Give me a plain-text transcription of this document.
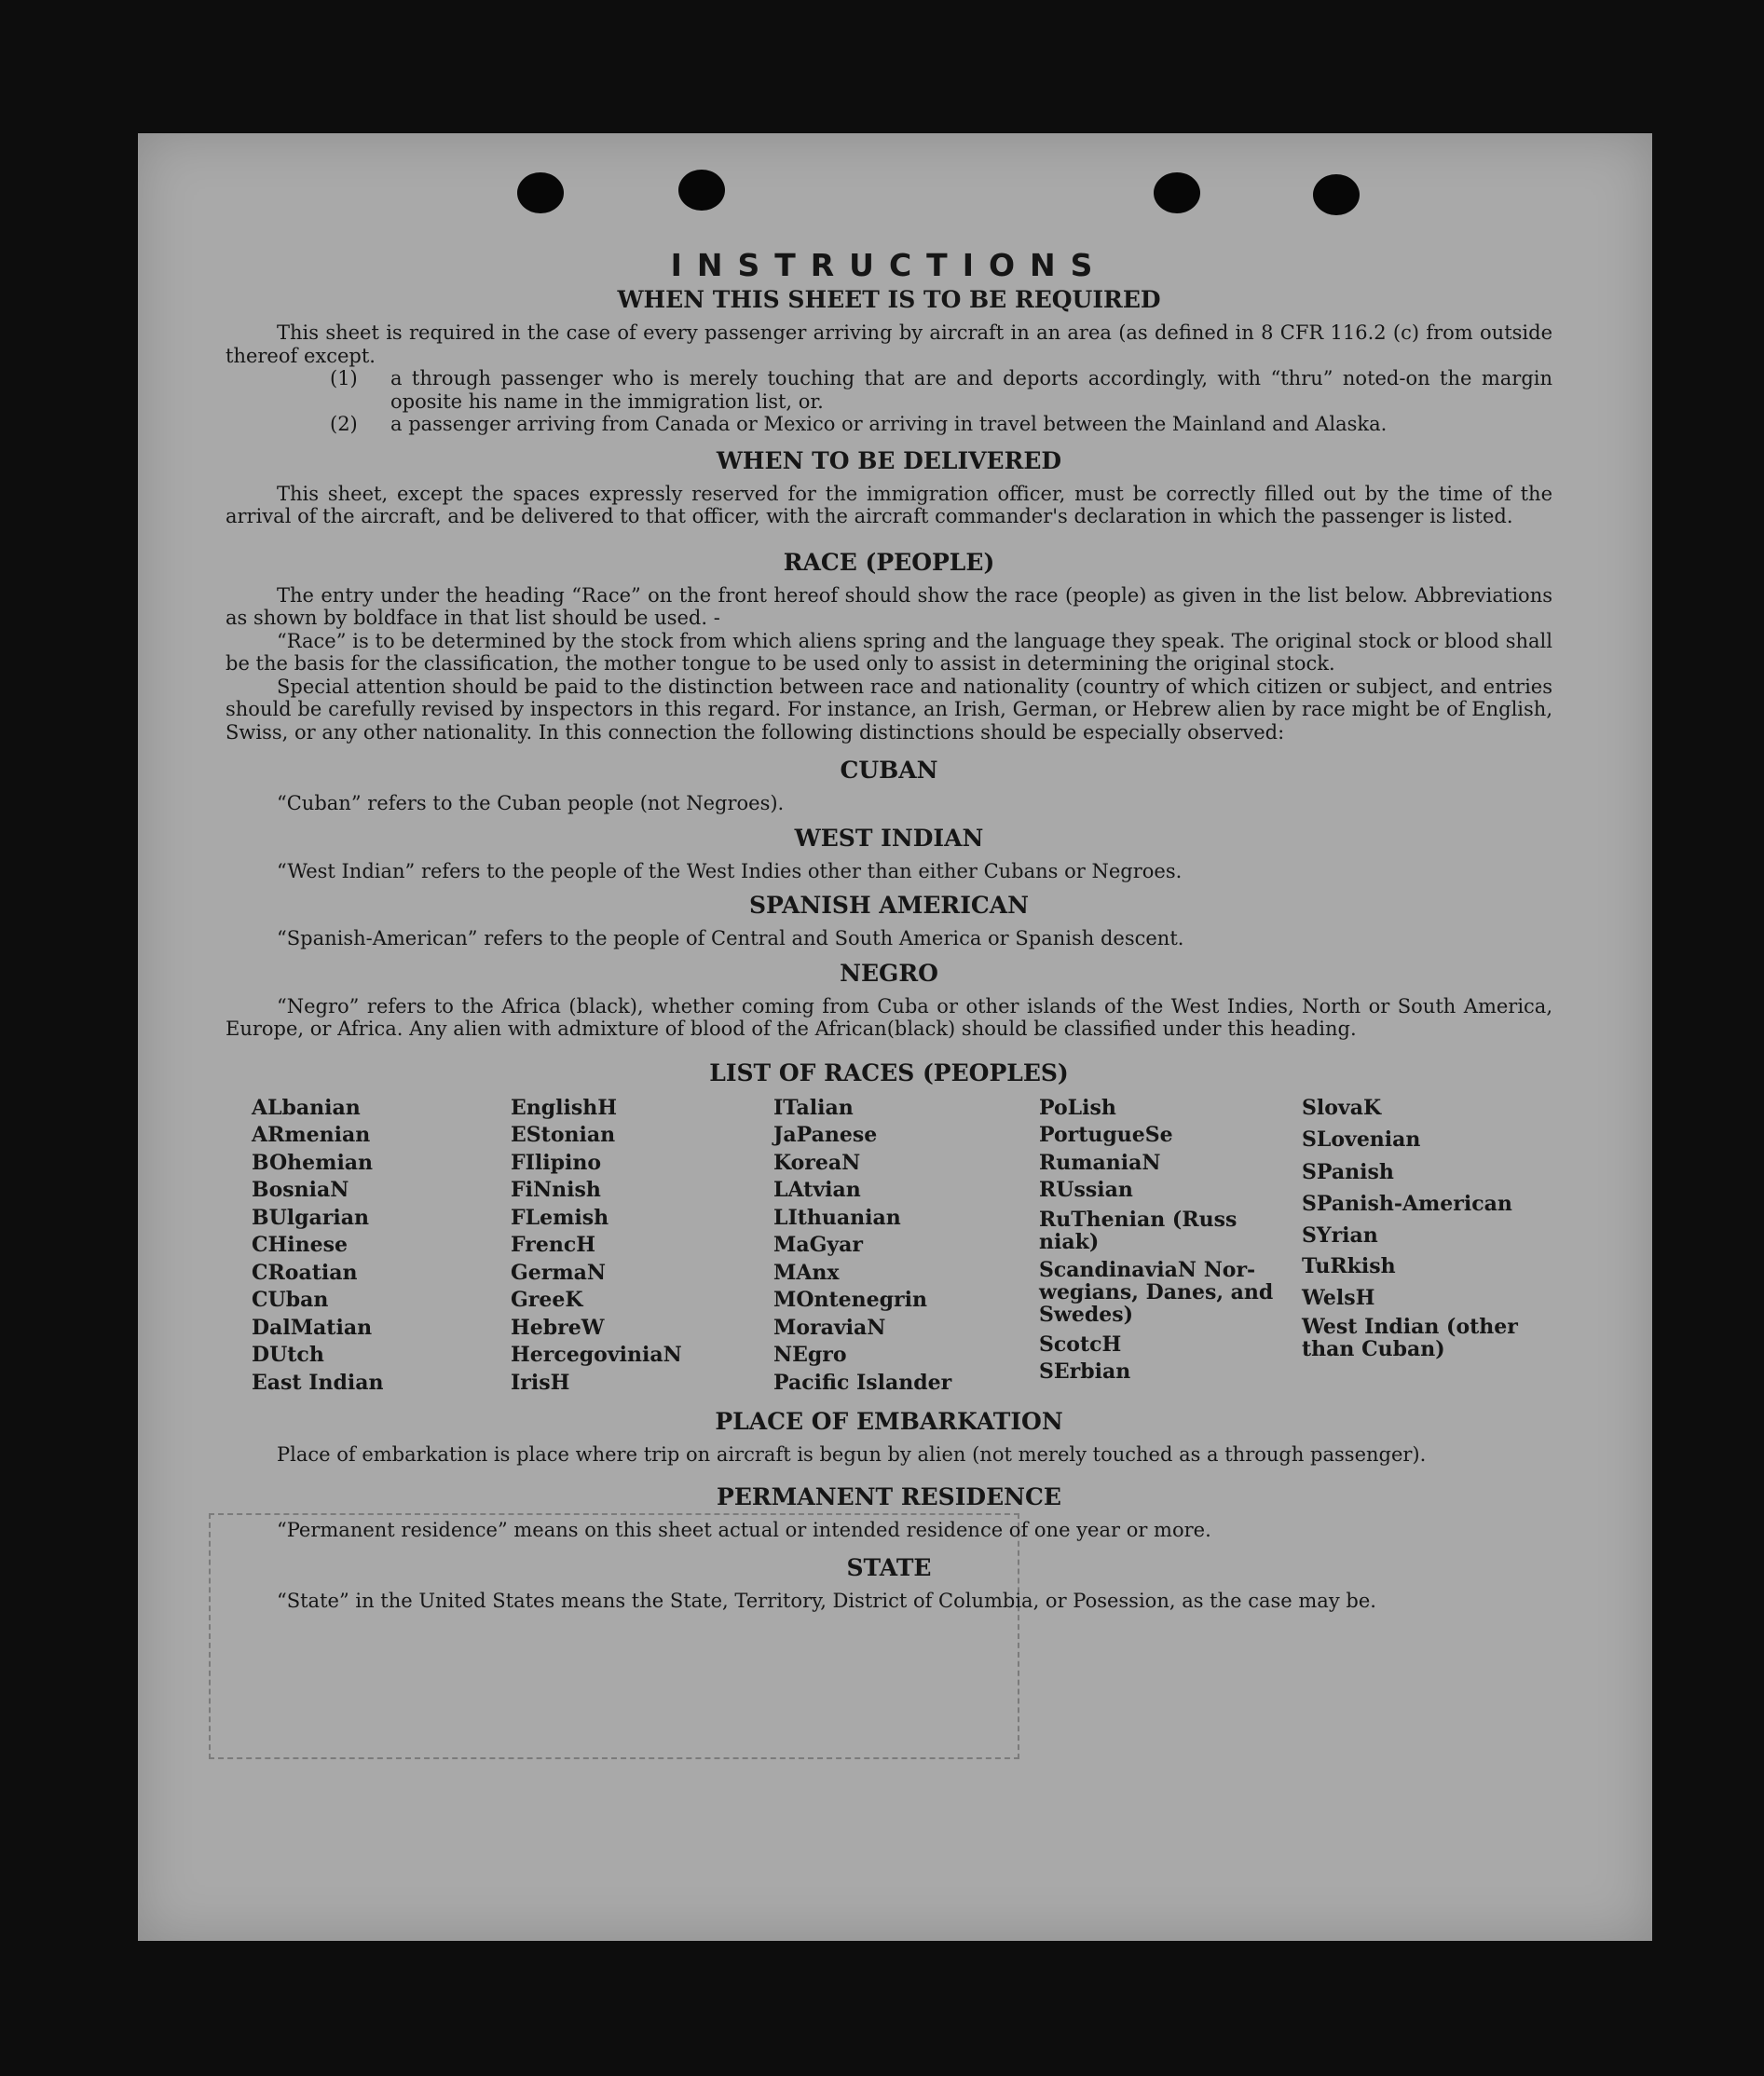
INSTRUCTIONS
WHEN THIS SHEET IS TO BE REQUIRED

This sheet is required in the case of every passenger arriving by aircraft in an area (as defined in 8 CFR 116.2 (c) from outside thereof except.

(1)	a through passenger who is merely touching that are and deports accordingly, with “thru” noted-on the margin oposite his name in the immigration list, or.
(2)	a passenger arriving from Canada or Mexico or arriving in travel between the Mainland and Alaska.
WHEN TO BE DELIVERED

This sheet, except the spaces expressly reserved for the immigration officer, must be correctly filled out by the time of the arrival of the aircraft, and be delivered to that officer, with the aircraft commander's declaration in which the passenger is listed.

RACE (PEOPLE)

The entry under the heading “Race” on the front hereof should show the race (people) as given in the list below. Abbreviations as shown by boldface in that list should be used. -

“Race” is to be determined by the stock from which aliens spring and the language they speak. The original stock or blood shall be the basis for the classification, the mother tongue to be used only to assist in determining the original stock.

Special attention should be paid to the distinction between race and nationality (country of which citizen or subject, and entries should be carefully revised by inspectors in this regard. For instance, an Irish, German, or Hebrew alien by race might be of English, Swiss, or any other nationality. In this connection the following distinctions should be especially observed:

CUBAN

“Cuban” refers to the Cuban people (not Negroes).

WEST INDIAN

“West Indian” refers to the people of the West Indies other than either Cubans or Negroes.

SPANISH AMERICAN

“Spanish-American” refers to the people of Central and South America or Spanish descent.

NEGRO

“Negro” refers to the Africa (black), whether coming from Cuba or other islands of the West Indies, North or South America, Europe, or Africa. Any alien with admixture of blood of the African(black) should be classified under this heading.

LIST OF RACES (PEOPLES)
ALbanian
ARmenian
BOhemian
BosniaN
BUlgarian
CHinese
CRoatian
CUban
DalMatian
DUtch
East Indian
EnglishH
EStonian
FIlipino
FiNnish
FLemish
FrencH
GermaN
GreeK
HebreW
HercegoviniaN
IrisH
ITalian
JaPanese
KoreaN
LAtvian
LIthuanian
MaGyar
MAnx
MOntenegrin
MoraviaN
NEgro
Pacific Islander
PoLish
PortugueSe
RumaniaN
RUssian
RuThenian (Russ niak)
ScandinaviaN Nor-wegians, Danes, and Swedes)
ScotcH
SErbian
SlovaK
SLovenian
SPanish
SPanish-American
SYrian
TuRkish
WelsH
West Indian (other than Cuban)
PLACE OF EMBARKATION

Place of embarkation is place where trip on aircraft is begun by alien (not merely touched as a through passenger).

PERMANENT RESIDENCE

“Permanent residence” means on this sheet actual or intended residence of one year or more.

STATE

“State” in the United States means the State, Territory, District of Columbia, or Posession, as the case may be.
